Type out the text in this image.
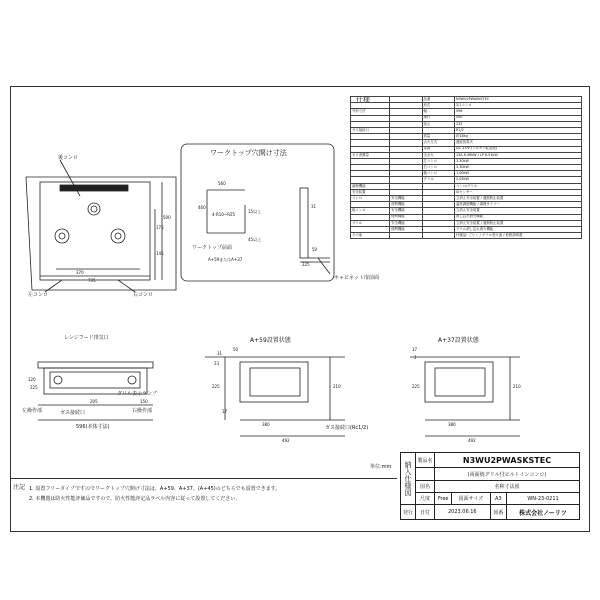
仕様
			品番	N3WU2PWASKSTEC
		形式	2口コンロ
外形寸法		幅	596
		奥行	500
		高さ	233
ガス接続口			R1/2
		質量	約18kg
		点火方式	連続放電式
		電源	DC 3.0V (アルカリ乾電池)
ガス消費量		全点火	13A 6.56kW / LP 6.51kW
		左コンロ	3.30kW
		右コンロ	3.30kW
		後コンロ	1.00kW
		グリル	2.05kW
調理機能			コンロ/グリル
安全装置			Siセンサー
コンロ	安全機能		立消え安全装置 / 過熱防止装置
	便利機能		温度調節機能 / 調理タイマー
後コンロ	安全機能		立消え安全装置
	便利機能		消し忘れ消火機能
グリル	安全機能		立消え安全装置 / 過熱防止装置
	便利機能		グリル消し忘れ消火機能
その他			付属品: ごとく / グリル受け皿 / 取扱説明書
後コンロ
左コンロ	右コンロ
370
735
500
175
145
ワークトップ穴開け寸法
4-R10~R25
460
560
15以上
45以上
225
50
31
ワークトップ前面
キャビネット扉前面
A+59またはA+37
レンジフード排気口
グリル表示ランプ
左操作部	右操作部
ガス接続口
596(本体寸法)
205
120
150
225
A+59設置状態
50
31
23
225	210
17
380
492
ガス接続口(Rc1/2)
A+37設置状態
37
1
225	210
380
492
単位:mm 納入仕様図	製品名	N3WU2PWASKSTEC			
		(両面焼グリル付ビルトインコンロ)			
	図名	名称寸法図			
	尺度	Free	図面サイズ	A3	WN-23-0211
発行	日付	2023.06.16		図番	株式会社ノーリツ
注記 1. 設置フリータイプですのでワークトップ穴開け寸法は、A+59、A+37、(A+45)のどちらでも設置できます。
2. 本機器は防火性能評価品ですので、防火性能評定品ラベル内容に従って設置してください。
